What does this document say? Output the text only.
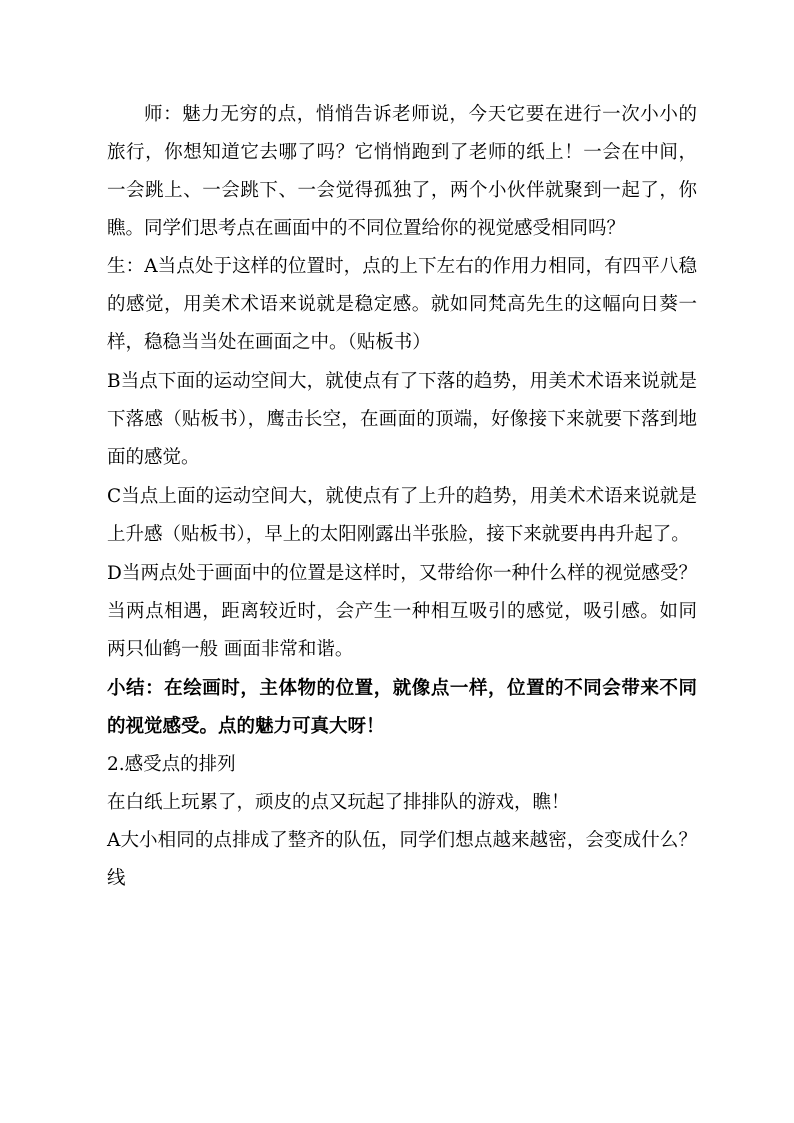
师：魅力无穷的点，悄悄告诉老师说，今天它要在进行一次小小的旅行，你想知道它去哪了吗？它悄悄跑到了老师的纸上！一会在中间，一会跳上、一会跳下、一会觉得孤独了，两个小伙伴就聚到一起了，你瞧。同学们思考点在画面中的不同位置给你的视觉感受相同吗？

生：A当点处于这样的位置时，点的上下左右的作用力相同，有四平八稳的感觉，用美术术语来说就是稳定感。就如同梵高先生的这幅向日葵一样，稳稳当当处在画面之中。（贴板书）

B当点下面的运动空间大，就使点有了下落的趋势，用美术术语来说就是下落感（贴板书），鹰击长空，在画面的顶端，好像接下来就要下落到地面的感觉。

C当点上面的运动空间大，就使点有了上升的趋势，用美术术语来说就是上升感（贴板书），早上的太阳刚露出半张脸，接下来就要冉冉升起了。

D当两点处于画面中的位置是这样时，又带给你一种什么样的视觉感受？当两点相遇，距离较近时，会产生一种相互吸引的感觉，吸引感。如同两只仙鹤一般 画面非常和谐。

小结：在绘画时，主体物的位置，就像点一样，位置的不同会带来不同的视觉感受。点的魅力可真大呀！

2.感受点的排列

在白纸上玩累了，顽皮的点又玩起了排排队的游戏，瞧！

A大小相同的点排成了整齐的队伍，同学们想点越来越密，会变成什么？线
